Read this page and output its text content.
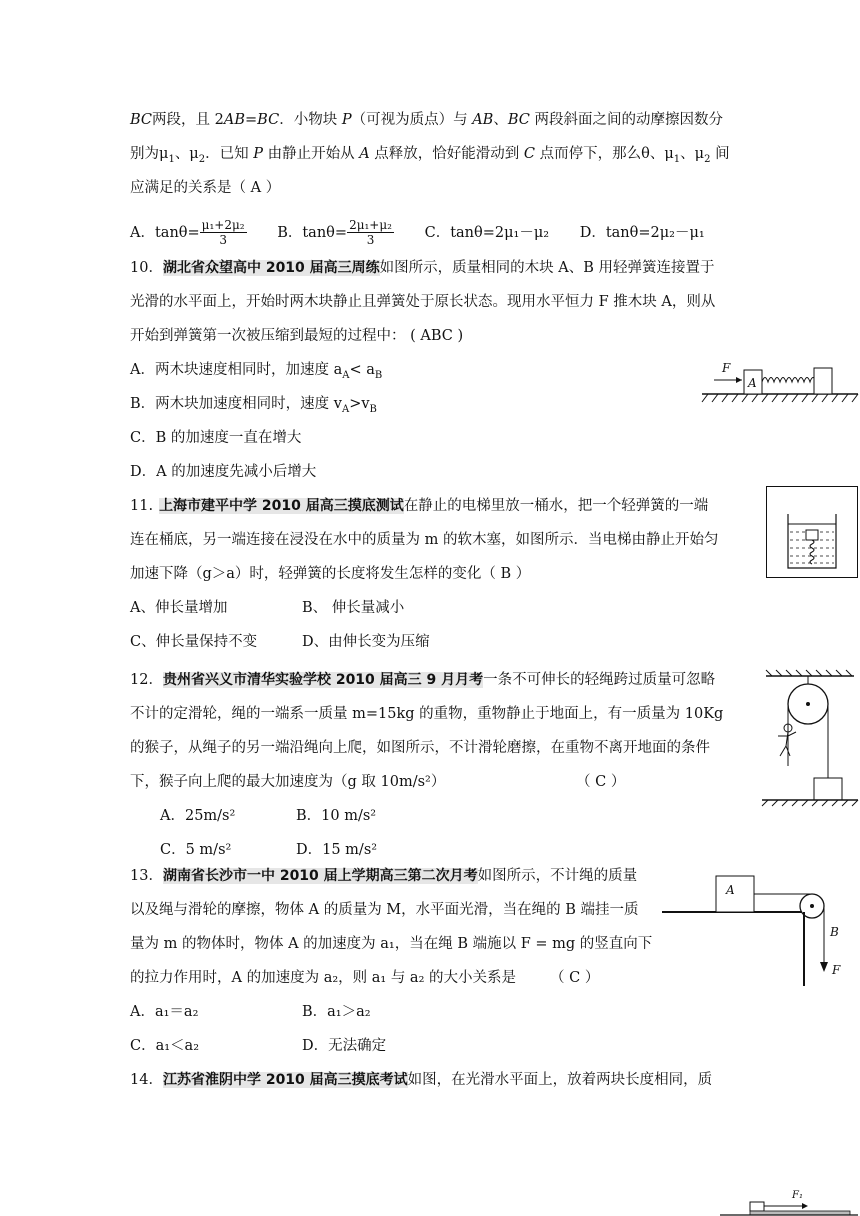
BC两段，且 2AB=BC．小物块 P（可视为质点）与 AB、BC 两段斜面之间的动摩擦因数分
别为$\mu_1$、$\mu_2$．已知 P 由静止开始从 A 点释放，恰好能滑动到 C 点而停下，那么θ、$\mu_1$、$\mu_2$ 间
应满足的关系是（ A ）
A．$\tan\theta= \frac{\text{μ₁+2μ₂}}{3}$ B．$\tan\theta= \frac{\text{2μ₁+μ₂}}{3}$ C．tanθ=2μ₁－μ₂ D．tanθ=2μ₂－μ₁
10．湖北省众望高中 2010 届高三周练如图所示，质量相同的木块 A、B 用轻弹簧连接置于
光滑的水平面上，开始时两木块静止且弹簧处于原长状态。现用水平恒力 F 推木块 A，则从
开始到弹簧第一次被压缩到最短的过程中： ( ABC )
A．两木块速度相同时，加速度 $a_A< a_B$
B．两木块加速度相同时，速度 $v_A>v_B$
C．B 的加速度一直在增大
D．A 的加速度先减小后增大
F
A
11. 上海市建平中学 2010 届高三摸底测试在静止的电梯里放一桶水，把一个轻弹簧的一端
连在桶底，另一端连接在浸没在水中的质量为 m 的软木塞，如图所示．当电梯由静止开始匀
加速下降（g＞a）时，轻弹簧的长度将发生怎样的变化（ B ）
A、伸长量增加	B、 伸长量减小
C、伸长量保持不变	D、由伸长变为压缩
12．贵州省兴义市清华实验学校 2010 届高三 9 月月考一条不可伸长的轻绳跨过质量可忽略
不计的定滑轮，绳的一端系一质量 m=15kg 的重物，重物静止于地面上，有一质量为 10Kg
的猴子，从绳子的另一端沿绳向上爬，如图所示，不计滑轮磨擦，在重物不离开地面的条件
下，猴子向上爬的最大加速度为（g 取 10m/s²）	（ C ）
A．25m/s²	B．10 m/s²
C．5 m/s²	D．15 m/s²
13．湖南省长沙市一中 2010 届上学期高三第二次月考如图所示，不计绳的质量
以及绳与滑轮的摩擦，物体 A 的质量为 M，水平面光滑，当在绳的 B 端挂一质
量为 m 的物体时，物体 A 的加速度为 a₁，当在绳 B 端施以 F = mg 的竖直向下
的拉力作用时，A 的加速度为 a₂，则 a₁ 与 a₂ 的大小关系是 （ C ）
A．a₁＝a₂	B．a₁＞a₂
C．a₁＜a₂	D．无法确定
A
B
F
14．江苏省淮阴中学 2010 届高三摸底考试如图，在光滑水平面上，放着两块长度相同，质
F₁
